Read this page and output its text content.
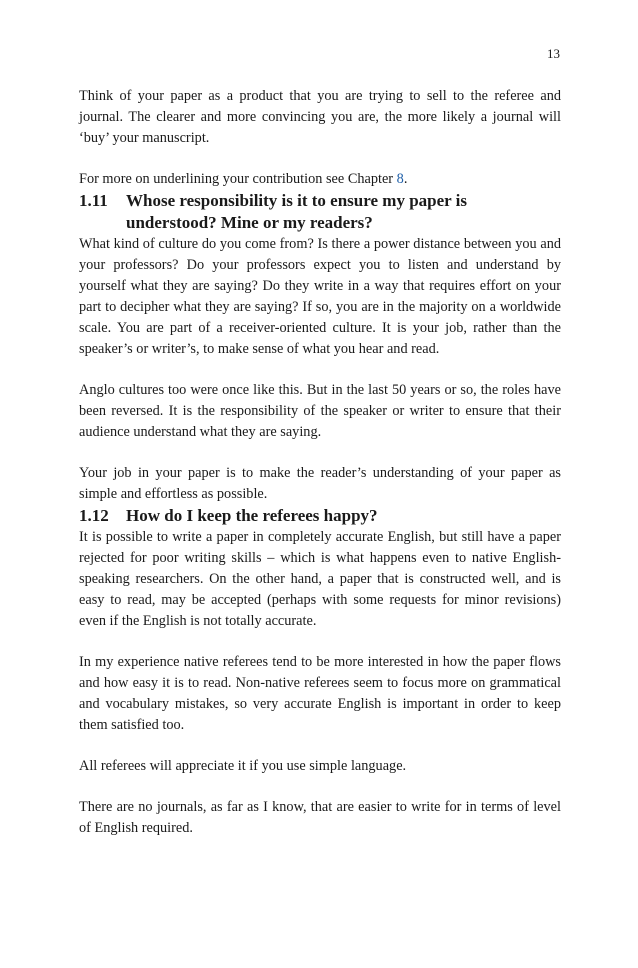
13

Think of your paper as a product that you are trying to sell to the referee and journal. The clearer and more convincing you are, the more likely a journal will ‘buy’ your manuscript.

For more on underlining your contribution see Chapter 8.

1.11	Whose responsibility is it to ensure my paper is understood? Mine or my readers?

What kind of culture do you come from? Is there a power distance between you and your professors? Do your professors expect you to listen and understand by yourself what they are saying? Do they write in a way that requires effort on your part to decipher what they are saying? If so, you are in the majority on a worldwide scale. You are part of a receiver-oriented culture. It is your job, rather than the speaker’s or writer’s, to make sense of what you hear and read.

Anglo cultures too were once like this. But in the last 50 years or so, the roles have been reversed. It is the responsibility of the speaker or writer to ensure that their audience understand what they are saying.

Your job in your paper is to make the reader’s understanding of your paper as simple and effortless as possible.

1.12	How do I keep the referees happy?

It is possible to write a paper in completely accurate English, but still have a paper rejected for poor writing skills – which is what happens even to native English-speaking researchers. On the other hand, a paper that is constructed well, and is easy to read, may be accepted (perhaps with some requests for minor revisions) even if the English is not totally accurate.

In my experience native referees tend to be more interested in how the paper flows and how easy it is to read. Non-native referees seem to focus more on grammatical and vocabulary mistakes, so very accurate English is important in order to keep them satisfied too.

All referees will appreciate it if you use simple language.

There are no journals, as far as I know, that are easier to write for in terms of level of English required.
